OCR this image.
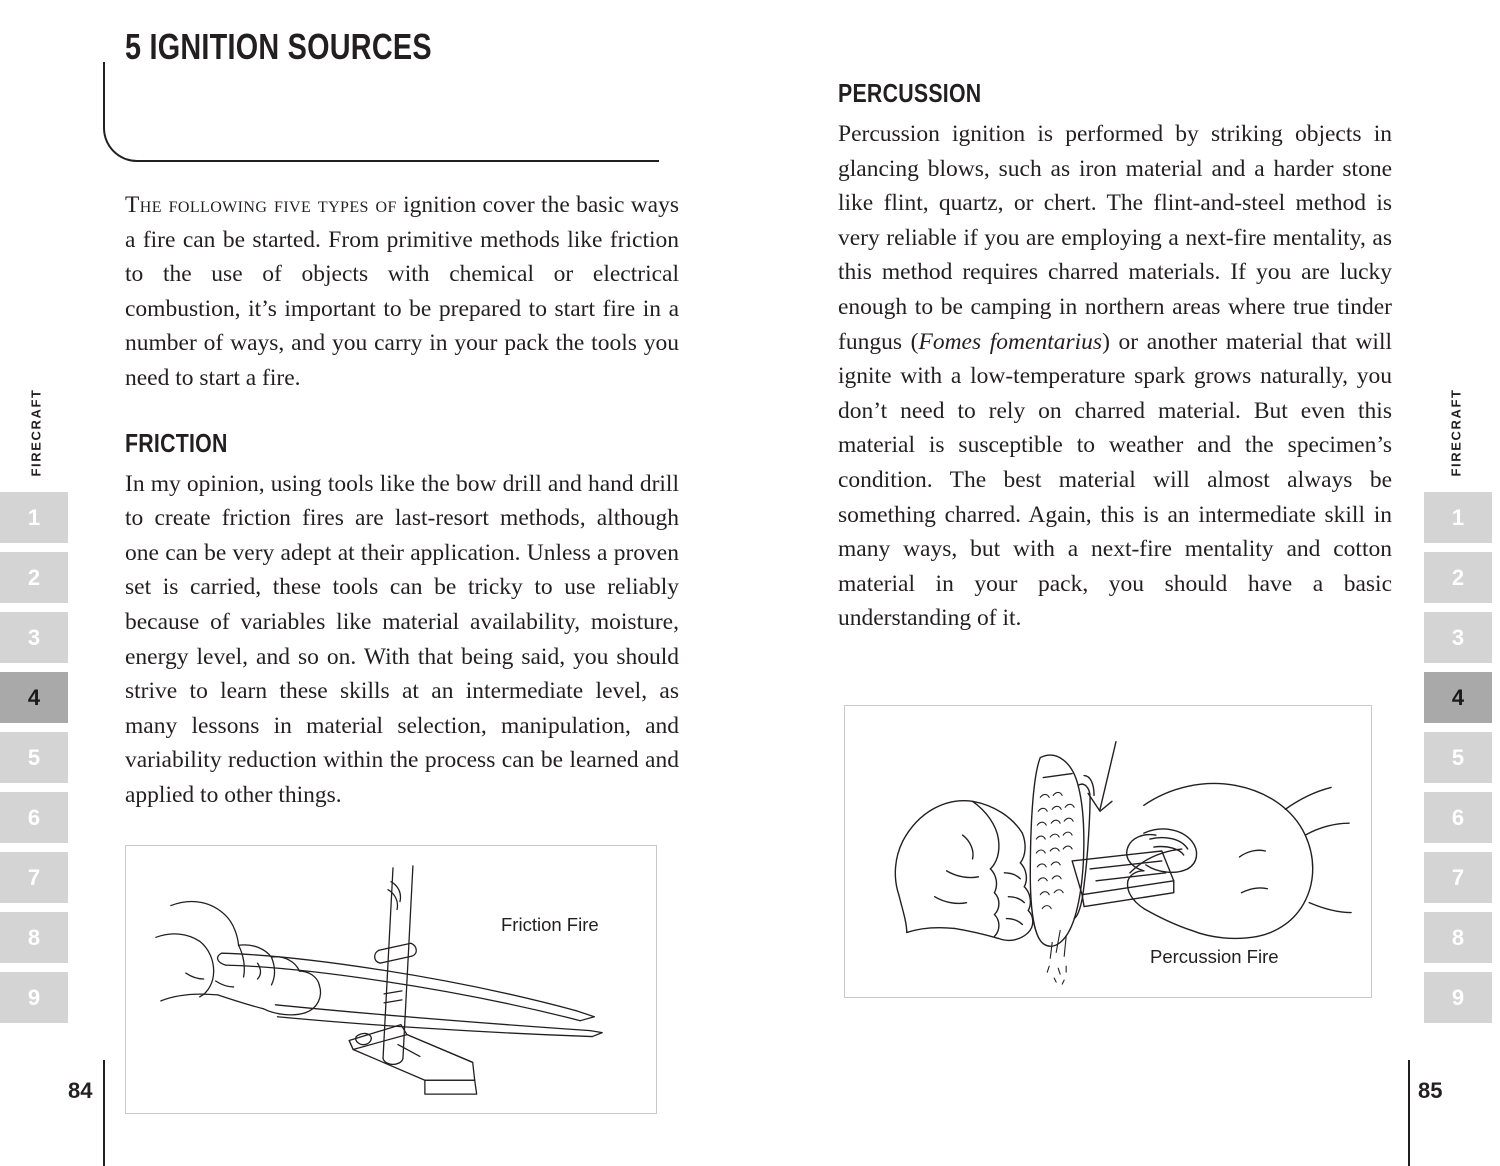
FIRECRAFT
1
2
3
4
5
6
7
8
9
5 IGNITION SOURCES

The following five types of ignition cover the basic ways a fire can be started. From primitive methods like friction to the use of objects with chemical or electrical combustion, it’s important to be prepared to start fire in a number of ways, and you carry in your pack the tools you need to start a fire.

FRICTION

In my opinion, using tools like the bow drill and hand drill to create friction fires are last-resort methods, although one can be very adept at their application. Unless a proven set is carried, these tools can be tricky to use reliably because of variables like material availability, moisture, energy level, and so on. With that being said, you should strive to learn these skills at an intermediate level, as many lessons in material selection, manipulation, and variability reduction within the process can be learned and applied to other things.

Friction Fire
84
PERCUSSION

Percussion ignition is performed by striking objects in glancing blows, such as iron material and a harder stone like flint, quartz, or chert. The flint-and-steel method is very reliable if you are employing a next-fire mentality, as this method requires charred materials. If you are lucky enough to be camping in northern areas where true tinder fungus (Fomes fomentarius) or another material that will ignite with a low-temperature spark grows naturally, you don’t need to rely on charred material. But even this material is susceptible to weather and the specimen’s condition. The best material will almost always be something charred. Again, this is an intermediate skill in many ways, but with a next-fire mentality and cotton material in your pack, you should have a basic understanding of it.

Percussion Fire
85
FIRECRAFT
1
2
3
4
5
6
7
8
9
